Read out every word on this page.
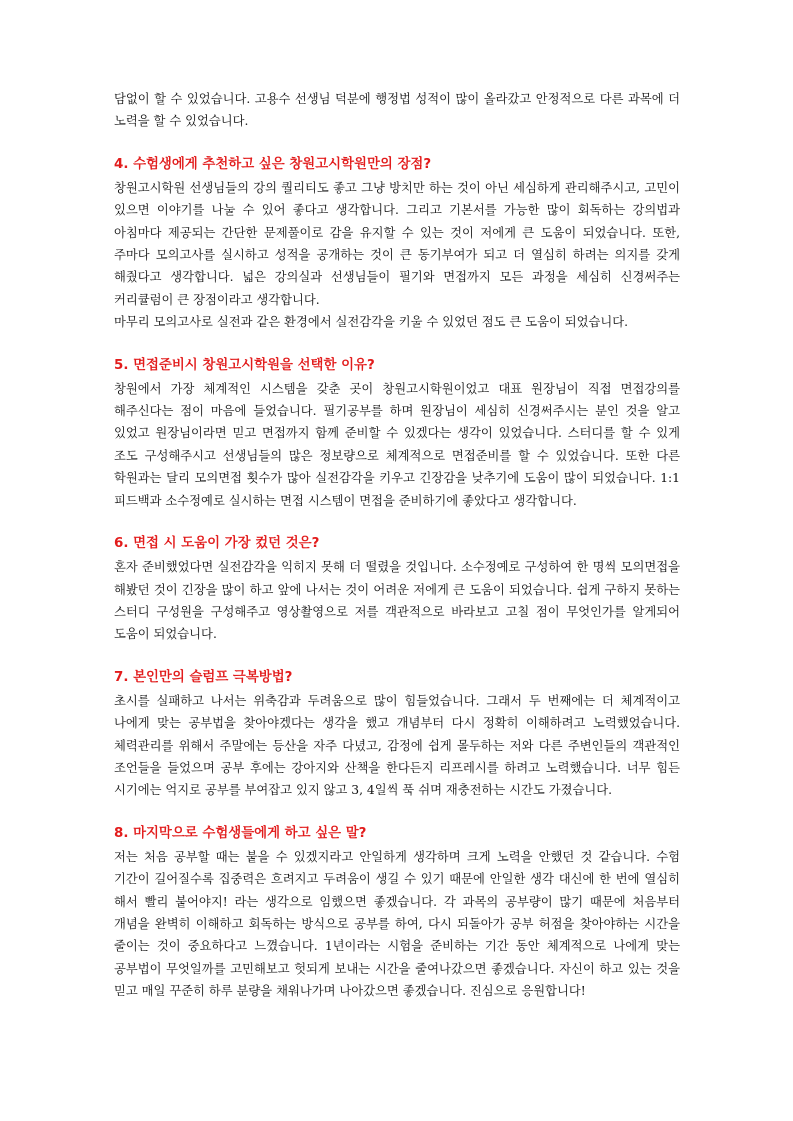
담없이 할 수 있었습니다. 고용수 선생님 덕분에 행정법 성적이 많이 올라갔고 안정적으로 다른 과목에 더 노력을 할 수 있었습니다.

4. 수험생에게 추천하고 싶은 창원고시학원만의 장점?

창원고시학원 선생님들의 강의 퀄리티도 좋고 그냥 방치만 하는 것이 아닌 세심하게 관리해주시고, 고민이 있으면 이야기를 나눌 수 있어 좋다고 생각합니다. 그리고 기본서를 가능한 많이 회독하는 강의법과 아침마다 제공되는 간단한 문제풀이로 감을 유지할 수 있는 것이 저에게 큰 도움이 되었습니다. 또한, 주마다 모의고사를 실시하고 성적을 공개하는 것이 큰 동기부여가 되고 더 열심히 하려는 의지를 갖게 해줬다고 생각합니다. 넓은 강의실과 선생님들이 필기와 면접까지 모든 과정을 세심히 신경써주는 커리큘럼이 큰 장점이라고 생각합니다.

마무리 모의고사로 실전과 같은 환경에서 실전감각을 키울 수 있었던 점도 큰 도움이 되었습니다.

5. 면접준비시 창원고시학원을 선택한 이유?

창원에서 가장 체계적인 시스템을 갖춘 곳이 창원고시학원이었고 대표 원장님이 직접 면접강의를 해주신다는 점이 마음에 들었습니다. 필기공부를 하며 원장님이 세심히 신경써주시는 분인 것을 알고 있었고 원장님이라면 믿고 면접까지 함께 준비할 수 있겠다는 생각이 있었습니다. 스터디를 할 수 있게 조도 구성해주시고 선생님들의 많은 정보량으로 체계적으로 면접준비를 할 수 있었습니다. 또한 다른 학원과는 달리 모의면접 횟수가 많아 실전감각을 키우고 긴장감을 낮추기에 도움이 많이 되었습니다. 1:1 피드백과 소수정예로 실시하는 면접 시스템이 면접을 준비하기에 좋았다고 생각합니다.

6. 면접 시 도움이 가장 컸던 것은?

혼자 준비했었다면 실전감각을 익히지 못해 더 떨렸을 것입니다. 소수정예로 구성하여 한 명씩 모의면접을 해봤던 것이 긴장을 많이 하고 앞에 나서는 것이 어려운 저에게 큰 도움이 되었습니다. 쉽게 구하지 못하는 스터디 구성원을 구성해주고 영상촬영으로 저를 객관적으로 바라보고 고칠 점이 무엇인가를 알게되어 도움이 되었습니다.

7. 본인만의 슬럼프 극복방법?

초시를 실패하고 나서는 위축감과 두려움으로 많이 힘들었습니다. 그래서 두 번째에는 더 체계적이고 나에게 맞는 공부법을 찾아야겠다는 생각을 했고 개념부터 다시 정확히 이해하려고 노력했었습니다. 체력관리를 위해서 주말에는 등산을 자주 다녔고, 감정에 쉽게 몰두하는 저와 다른 주변인들의 객관적인 조언들을 들었으며 공부 후에는 강아지와 산책을 한다든지 리프레시를 하려고 노력했습니다. 너무 힘든 시기에는 억지로 공부를 부여잡고 있지 않고 3, 4일씩 푹 쉬며 재충전하는 시간도 가졌습니다.

8. 마지막으로 수험생들에게 하고 싶은 말?

저는 처음 공부할 때는 붙을 수 있겠지라고 안일하게 생각하며 크게 노력을 안했던 것 같습니다. 수험 기간이 길어질수록 집중력은 흐려지고 두려움이 생길 수 있기 때문에 안일한 생각 대신에 한 번에 열심히 해서 빨리 붙어야지! 라는 생각으로 임했으면 좋겠습니다. 각 과목의 공부량이 많기 때문에 처음부터 개념을 완벽히 이해하고 회독하는 방식으로 공부를 하여, 다시 되돌아가 공부 허점을 찾아야하는 시간을 줄이는 것이 중요하다고 느꼈습니다. 1년이라는 시험을 준비하는 기간 동안 체계적으로 나에게 맞는 공부법이 무엇일까를 고민해보고 헛되게 보내는 시간을 줄여나갔으면 좋겠습니다. 자신이 하고 있는 것을 믿고 매일 꾸준히 하루 분량을 채워나가며 나아갔으면 좋겠습니다. 진심으로 응원합니다!
